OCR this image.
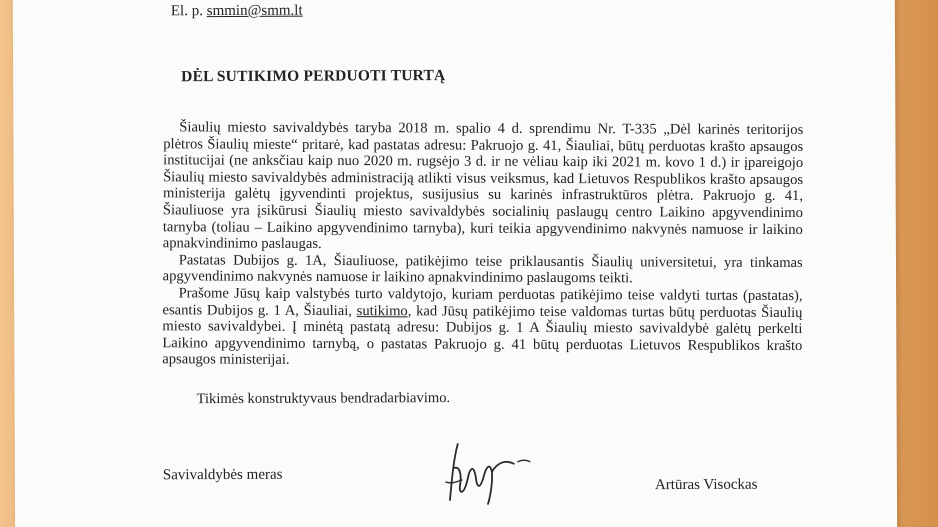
El. p. smmin@smm.lt
DĖL SUTIKIMO PERDUOTI TURTĄ

Šiaulių miesto savivaldybės taryba 2018 m. spalio 4 d. sprendimu Nr. T-335 „Dėl karinės teritorijos plėtros Šiaulių mieste“ pritarė, kad pastatas adresu: Pakruojo g. 41, Šiauliai, būtų perduotas krašto apsaugos institucijai (ne anksčiau kaip nuo 2020 m. rugsėjo 3 d. ir ne vėliau kaip iki 2021 m. kovo 1 d.) ir įpareigojo Šiaulių miesto savivaldybės administraciją atlikti visus veiksmus, kad Lietuvos Respublikos krašto apsaugos ministerija galėtų įgyvendinti projektus, susijusius su karinės infrastruktūros plėtra. Pakruojo g. 41, Šiauliuose yra įsikūrusi Šiaulių miesto savivaldybės socialinių paslaugų centro Laikino apgyvendinimo tarnyba (toliau – Laikino apgyvendinimo tarnyba), kuri teikia apgyvendinimo nakvynės namuose ir laikino apnakvindinimo paslaugas.

Pastatas Dubijos g. 1A, Šiauliuose, patikėjimo teise priklausantis Šiaulių universitetui, yra tinkamas apgyvendinimo nakvynės namuose ir laikino apnakvindinimo paslaugoms teikti.

Prašome Jūsų kaip valstybės turto valdytojo, kuriam perduotas patikėjimo teise valdyti turtas (pastatas), esantis Dubijos g. 1 A, Šiauliai, sutikimo, kad Jūsų patikėjimo teise valdomas turtas būtų perduotas Šiaulių miesto savivaldybei. Į minėtą pastatą adresu: Dubijos g. 1 A Šiaulių miesto savivaldybė galėtų perkelti Laikino apgyvendinimo tarnybą, o pastatas Pakruojo g. 41 būtų perduotas Lietuvos Respublikos krašto apsaugos ministerijai.

Tikimės konstruktyvaus bendradarbiavimo.
Savivaldybės meras
Artūras Visockas
